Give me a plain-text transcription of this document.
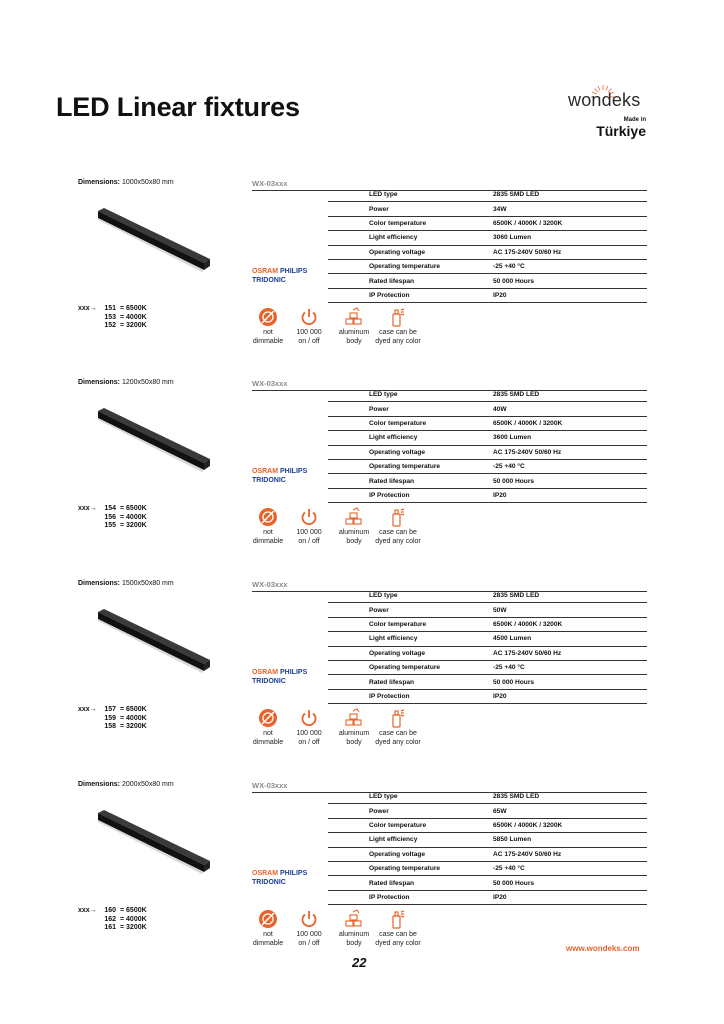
LED Linear fixtures	wondeks
Made in
Türkiye
Dimensions: 1000x50x80 mm
xxx→	151 = 6500K
153 = 4000K
152 = 3200K
WX-03xxx
OSRAM PHILIPS
TRIDONIC
LED type	2835 SMD LED
Power	34W
Color temperature	6500K / 4000K / 3200K
Light efficiency	3060 Lumen
Operating voltage	AC 175-240V 50/60 Hz
Operating temperature	-25 +40 °C
Rated lifespan	50 000 Hours
IP Protection	IP20
not
dimmable
100 000
on / off
aluminum
body
case can be
dyed any color
Dimensions: 1200x50x80 mm
xxx→	154 = 6500K
156 = 4000K
155 = 3200K
WX-03xxx
OSRAM PHILIPS
TRIDONIC
LED type	2835 SMD LED
Power	40W
Color temperature	6500K / 4000K / 3200K
Light efficiency	3600 Lumen
Operating voltage	AC 175-240V 50/60 Hz
Operating temperature	-25 +40 °C
Rated lifespan	50 000 Hours
IP Protection	IP20
not
dimmable
100 000
on / off
aluminum
body
case can be
dyed any color
Dimensions: 1500x50x80 mm
xxx→	157 = 6500K
159 = 4000K
158 = 3200K
WX-03xxx
OSRAM PHILIPS
TRIDONIC
LED type	2835 SMD LED
Power	50W
Color temperature	6500K / 4000K / 3200K
Light efficiency	4500 Lumen
Operating voltage	AC 175-240V 50/60 Hz
Operating temperature	-25 +40 °C
Rated lifespan	50 000 Hours
IP Protection	IP20
not
dimmable
100 000
on / off
aluminum
body
case can be
dyed any color
Dimensions: 2000x50x80 mm
xxx→	160 = 6500K
162 = 4000K
161 = 3200K
WX-03xxx
OSRAM PHILIPS
TRIDONIC
LED type	2835 SMD LED
Power	65W
Color temperature	6500K / 4000K / 3200K
Light efficiency	5850 Lumen
Operating voltage	AC 175-240V 50/60 Hz
Operating temperature	-25 +40 °C
Rated lifespan	50 000 Hours
IP Protection	IP20
not
dimmable
100 000
on / off
aluminum
body
case can be
dyed any color
www.wondeks.com
22
